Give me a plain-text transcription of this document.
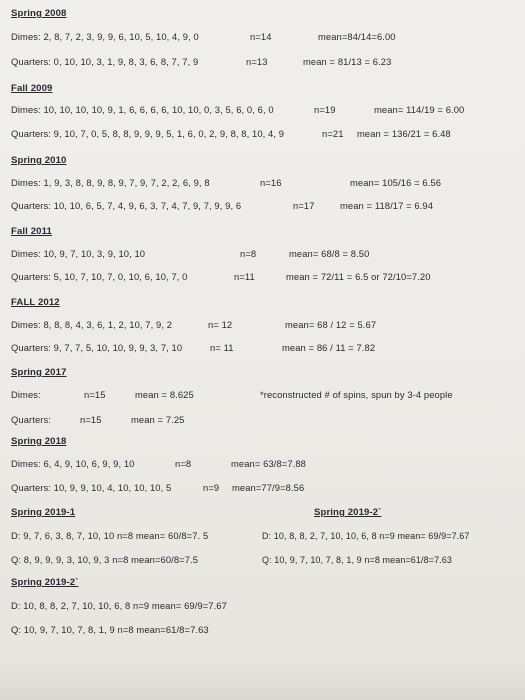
Spring 2008
Dimes: 2, 8, 7, 2, 3, 9, 9, 6, 10, 5, 10, 4, 9, 0	n=14	mean=84/14=6.00
Quarters: 0, 10, 10, 3, 1, 9, 8, 3, 6, 8, 7, 7, 9	n=13	mean = 81/13 = 6.23
Fall 2009
Dimes: 10, 10, 10, 10, 9, 1, 6, 6, 6, 6, 10, 10, 0, 3, 5, 6, 0, 6, 0	n=19	mean= 114/19 = 6.00
Quarters: 9, 10, 7, 0, 5, 8, 8, 9, 9, 9, 5, 1, 6, 0, 2, 9, 8, 8, 10, 4, 9	n=21 mean = 136/21 = 6.48
Spring 2010
Dimes: 1, 9, 3, 8, 8, 9, 8, 9, 7, 9, 7, 2, 2, 6, 9, 8	n=16	mean= 105/16 = 6.56
Quarters: 10, 10, 6, 5, 7, 4, 9, 6, 3, 7, 4, 7, 9, 7, 9, 9, 6	n=17	mean = 118/17 = 6.94
Fall 2011
Dimes: 10, 9, 7, 10, 3, 9, 10, 10	n=8	mean= 68/8 = 8.50
Quarters: 5, 10, 7, 10, 7, 0, 10, 6, 10, 7, 0	n=11	mean = 72/11 = 6.5 or 72/10=7.20
FALL 2012
Dimes: 8, 8, 8, 4, 3, 6, 1, 2, 10, 7, 9, 2	n= 12	mean= 68 / 12 = 5.67
Quarters: 9, 7, 7, 5, 10, 10, 9, 9, 3, 7, 10	n= 11	mean = 86 / 11 = 7.82
Spring 2017
Dimes:	n=15	mean = 8.625	*reconstructed # of spins, spun by 3-4 people
Quarters:	n=15	mean = 7.25
Spring 2018
Dimes: 6, 4, 9, 10, 6, 9, 9, 10	n=8	mean= 63/8=7.88
Quarters: 10, 9, 9, 10, 4, 10, 10, 10, 5	n=9 mean=77/9=8.56
Spring 2019-1
D: 9, 7, 6, 3, 8, 7, 10, 10 n=8 mean= 60/8=7. 5
Q: 8, 9, 9, 9, 3, 10, 9, 3 n=8 mean=60/8=7.5
Spring 2019-2`
D: 10, 8, 8, 2, 7, 10, 10, 6, 8 n=9 mean= 69/9=7.67
Q: 10, 9, 7, 10, 7, 8, 1, 9 n=8 mean=61/8=7.63
Spring 2019-2`
D: 10, 8, 8, 2, 7, 10, 10, 6, 8 n=9 mean= 69/9=7.67
Q: 10, 9, 7, 10, 7, 8, 1, 9 n=8 mean=61/8=7.63
